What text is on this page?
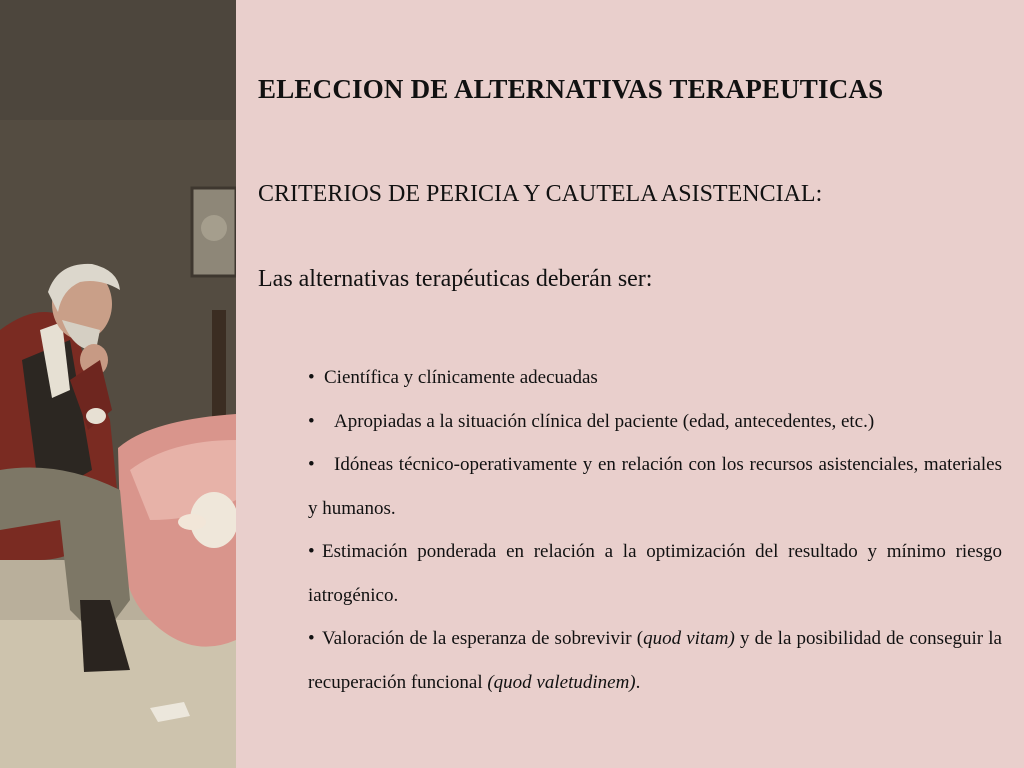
ELECCION DE ALTERNATIVAS TERAPEUTICAS

CRITERIOS DE PERICIA Y CAUTELA ASISTENCIAL:

Las alternativas terapéuticas deberán ser:

• Científica y clínicamente adecuadas
• Apropiadas a la situación clínica del paciente (edad, antecedentes, etc.)
• Idóneas técnico-operativamente y en relación con los recursos asistenciales, materiales y humanos.
• Estimación ponderada en relación a la optimización del resultado y mínimo riesgo iatrogénico.
• Valoración de la esperanza de sobrevivir (quod vitam) y de la posibilidad de conseguir la recuperación funcional (quod valetudinem).
